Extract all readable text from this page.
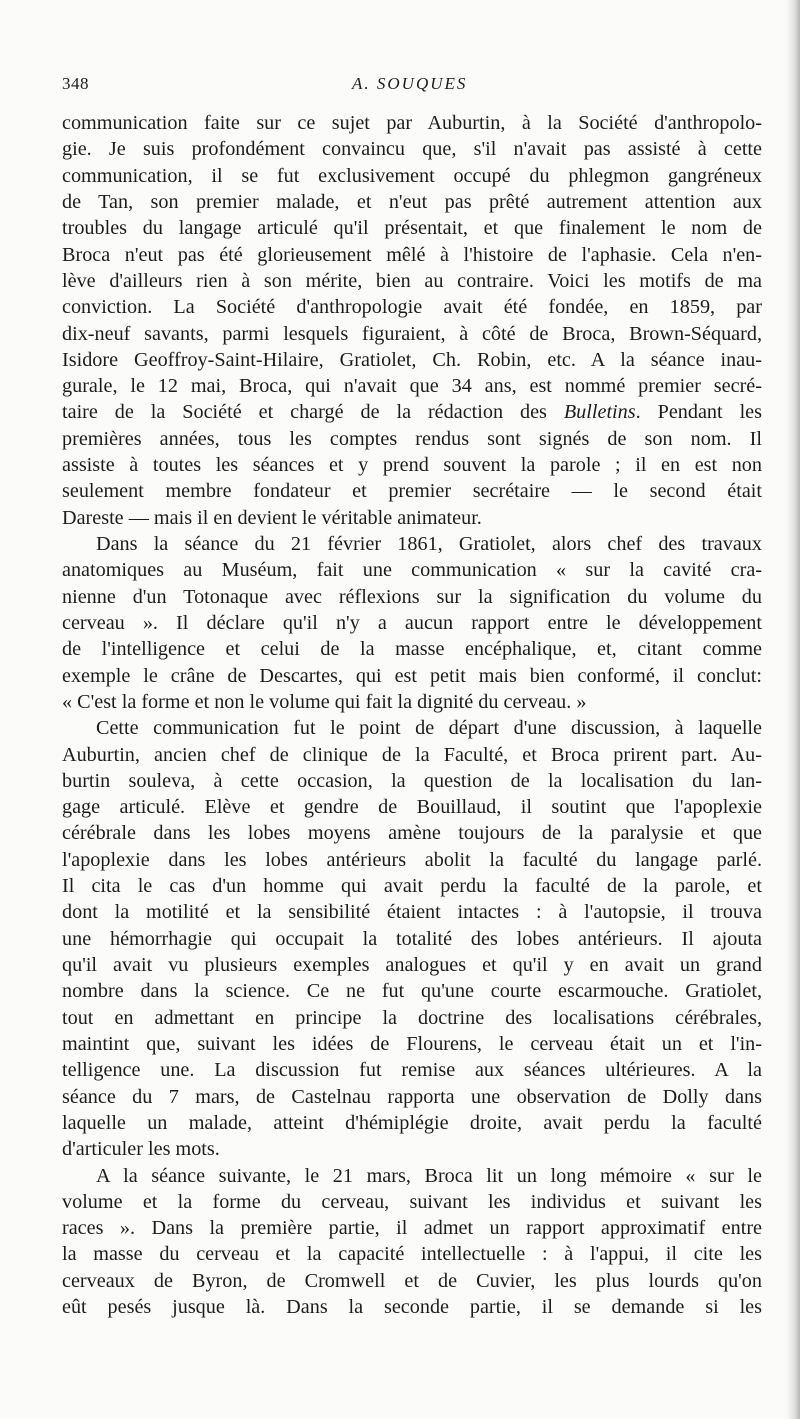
348	A. SOUQUES
communication faite sur ce sujet par Auburtin, à la Société d'anthropolo-
gie. Je suis profondément convaincu que, s'il n'avait pas assisté à cette
communication, il se fut exclusivement occupé du phlegmon gangréneux
de Tan, son premier malade, et n'eut pas prêté autrement attention aux
troubles du langage articulé qu'il présentait, et que finalement le nom de
Broca n'eut pas été glorieusement mêlé à l'histoire de l'aphasie. Cela n'en-
lève d'ailleurs rien à son mérite, bien au contraire. Voici les motifs de ma
conviction. La Société d'anthropologie avait été fondée, en 1859, par
dix-neuf savants, parmi lesquels figuraient, à côté de Broca, Brown-Séquard,
Isidore Geoffroy-Saint-Hilaire, Gratiolet, Ch. Robin, etc. A la séance inau-
gurale, le 12 mai, Broca, qui n'avait que 34 ans, est nommé premier secré-
taire de la Société et chargé de la rédaction des Bulletins. Pendant les
premières années, tous les comptes rendus sont signés de son nom. Il
assiste à toutes les séances et y prend souvent la parole ; il en est non
seulement membre fondateur et premier secrétaire — le second était
Dareste — mais il en devient le véritable animateur.
Dans la séance du 21 février 1861, Gratiolet, alors chef des travaux
anatomiques au Muséum, fait une communication « sur la cavité cra-
nienne d'un Totonaque avec réflexions sur la signification du volume du
cerveau ». Il déclare qu'il n'y a aucun rapport entre le développement
de l'intelligence et celui de la masse encéphalique, et, citant comme
exemple le crâne de Descartes, qui est petit mais bien conformé, il conclut:
« C'est la forme et non le volume qui fait la dignité du cerveau. »
Cette communication fut le point de départ d'une discussion, à laquelle
Auburtin, ancien chef de clinique de la Faculté, et Broca prirent part. Au-
burtin souleva, à cette occasion, la question de la localisation du lan-
gage articulé. Elève et gendre de Bouillaud, il soutint que l'apoplexie
cérébrale dans les lobes moyens amène toujours de la paralysie et que
l'apoplexie dans les lobes antérieurs abolit la faculté du langage parlé.
Il cita le cas d'un homme qui avait perdu la faculté de la parole, et
dont la motilité et la sensibilité étaient intactes : à l'autopsie, il trouva
une hémorrhagie qui occupait la totalité des lobes antérieurs. Il ajouta
qu'il avait vu plusieurs exemples analogues et qu'il y en avait un grand
nombre dans la science. Ce ne fut qu'une courte escarmouche. Gratiolet,
tout en admettant en principe la doctrine des localisations cérébrales,
maintint que, suivant les idées de Flourens, le cerveau était un et l'in-
telligence une. La discussion fut remise aux séances ultérieures. A la
séance du 7 mars, de Castelnau rapporta une observation de Dolly dans
laquelle un malade, atteint d'hémiplégie droite, avait perdu la faculté
d'articuler les mots.
A la séance suivante, le 21 mars, Broca lit un long mémoire « sur le
volume et la forme du cerveau, suivant les individus et suivant les
races ». Dans la première partie, il admet un rapport approximatif entre
la masse du cerveau et la capacité intellectuelle : à l'appui, il cite les
cerveaux de Byron, de Cromwell et de Cuvier, les plus lourds qu'on
eût pesés jusque là. Dans la seconde partie, il se demande si les
